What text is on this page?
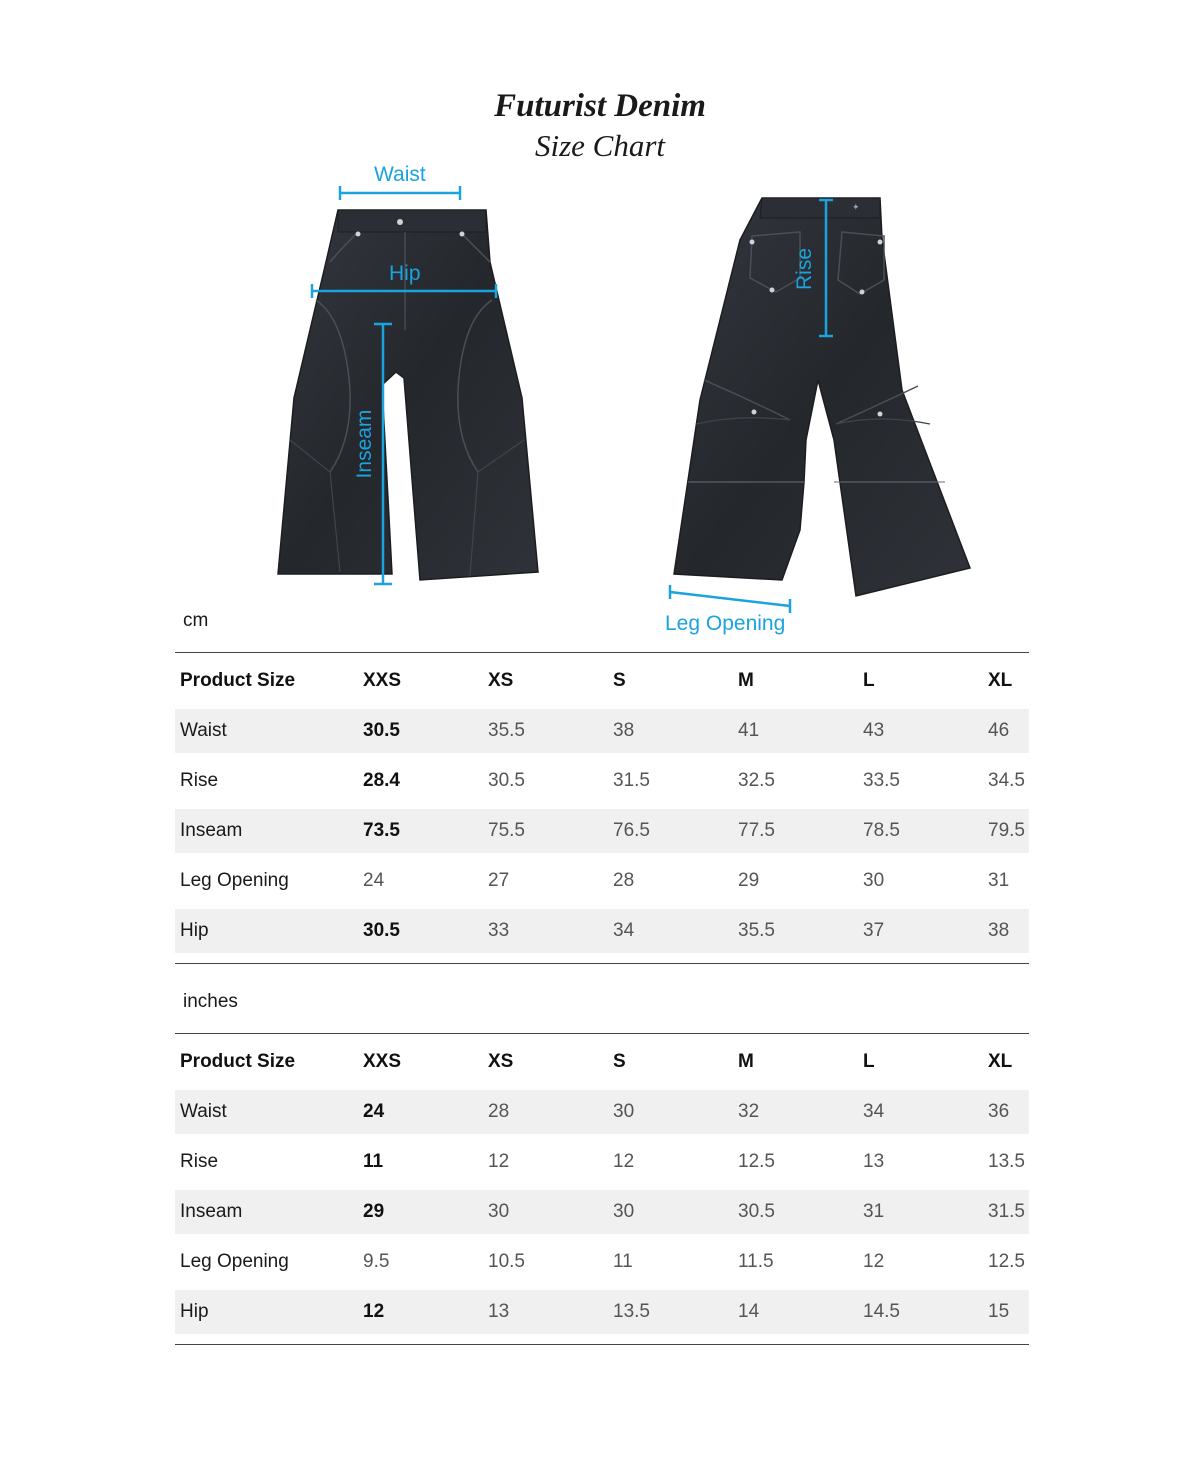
Futurist Denim
Size Chart
✦
Waist
Hip
Inseam
Rise
Leg Opening
cm
Product Size	XXS	XS	S	M	L	XL
Waist	30.5	35.5	38	41	43	46

Rise	28.4	30.5	31.5	32.5	33.5	34.5

Inseam	73.5	75.5	76.5	77.5	78.5	79.5

Leg Opening	24	27	28	29	30	31

Hip	30.5	33	34	35.5	37	38

inches
Product Size	XXS	XS	S	M	L	XL
Waist	24	28	30	32	34	36

Rise	11	12	12	12.5	13	13.5

Inseam	29	30	30	30.5	31	31.5

Leg Opening	9.5	10.5	11	11.5	12	12.5

Hip	12	13	13.5	14	14.5	15
